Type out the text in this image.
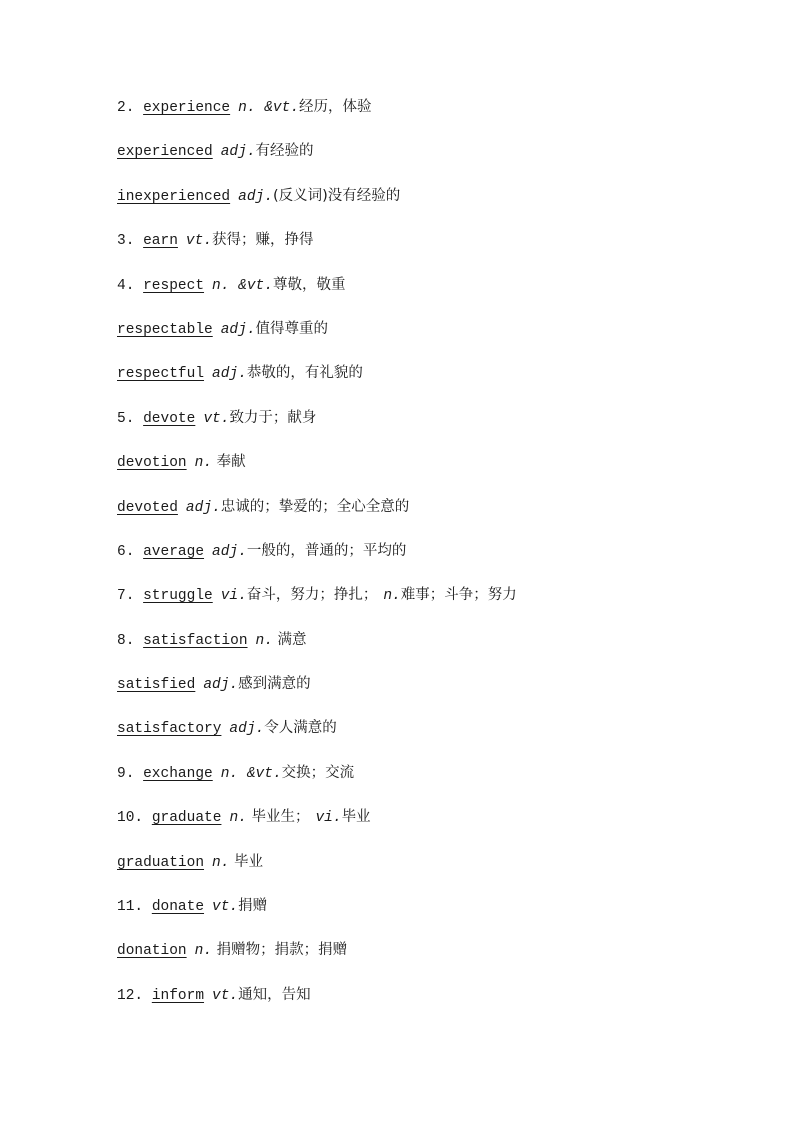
2. experience n. &vt.经历，体验
experienced adj.有经验的
inexperienced adj.(反义词)没有经验的
3. earn vt.获得；赚，挣得
4. respect n. &vt.尊敬，敬重
respectable adj.值得尊重的
respectful adj.恭敬的，有礼貌的
5. devote vt.致力于；献身
devotion n. 奉献
devoted adj.忠诚的；挚爱的；全心全意的
6. average adj.一般的，普通的；平均的
7. struggle vi.奋斗，努力；挣扎； n.难事；斗争；努力
8. satisfaction n. 满意
satisfied adj.感到满意的
satisfactory adj.令人满意的
9. exchange n. &vt.交换；交流
10. graduate n. 毕业生； vi.毕业
graduation n. 毕业
11. donate vt.捐赠
donation n. 捐赠物；捐款；捐赠
12. inform vt.通知，告知
